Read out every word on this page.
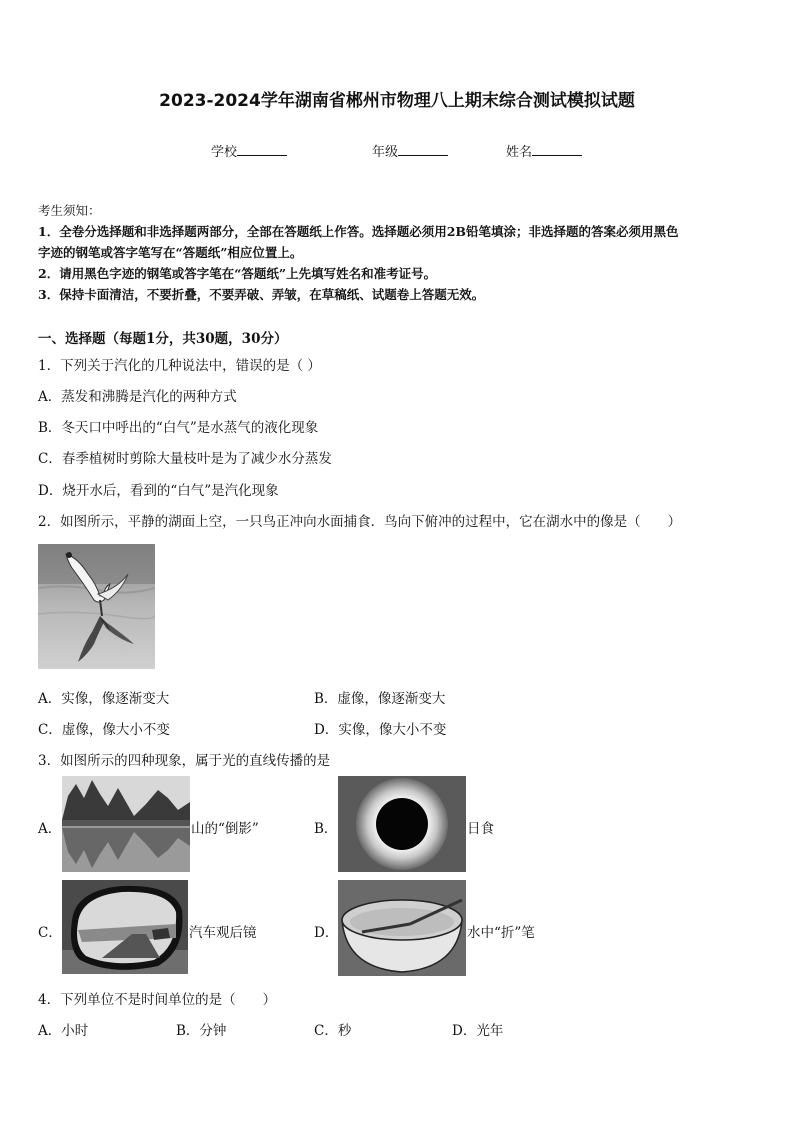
2023-2024学年湖南省郴州市物理八上期末综合测试模拟试题
学校	年级	姓名
考生须知：
1．全卷分选择题和非选择题两部分，全部在答题纸上作答。选择题必须用2B铅笔填涂；非选择题的答案必须用黑色
字迹的钢笔或答字笔写在“答题纸”相应位置上。
2．请用黑色字迹的钢笔或答字笔在“答题纸”上先填写姓名和准考证号。
3．保持卡面清洁，不要折叠，不要弄破、弄皱，在草稿纸、试题卷上答题无效。
一、选择题（每题1分，共30题，30分）
1．下列关于汽化的几种说法中，错误的是（ ）
A．蒸发和沸腾是汽化的两种方式
B．冬天口中呼出的“白气”是水蒸气的液化现象
C．春季植树时剪除大量枝叶是为了减少水分蒸发
D．烧开水后，看到的“白气”是汽化现象
2．如图所示，平静的湖面上空，一只鸟正冲向水面捕食．鸟向下俯冲的过程中，它在湖水中的像是（　　）
A．实像，像逐渐变大	B．虚像，像逐渐变大
C．虚像，像大小不变	D．实像，像大小不变
3．如图所示的四种现象，属于光的直线传播的是
A．	山的“倒影”	B．	日食
C．	汽车观后镜	D．	水中“折”笔
4．下列单位不是时间单位的是（　　）
A．小时	B．分钟	C．秒	D．光年
